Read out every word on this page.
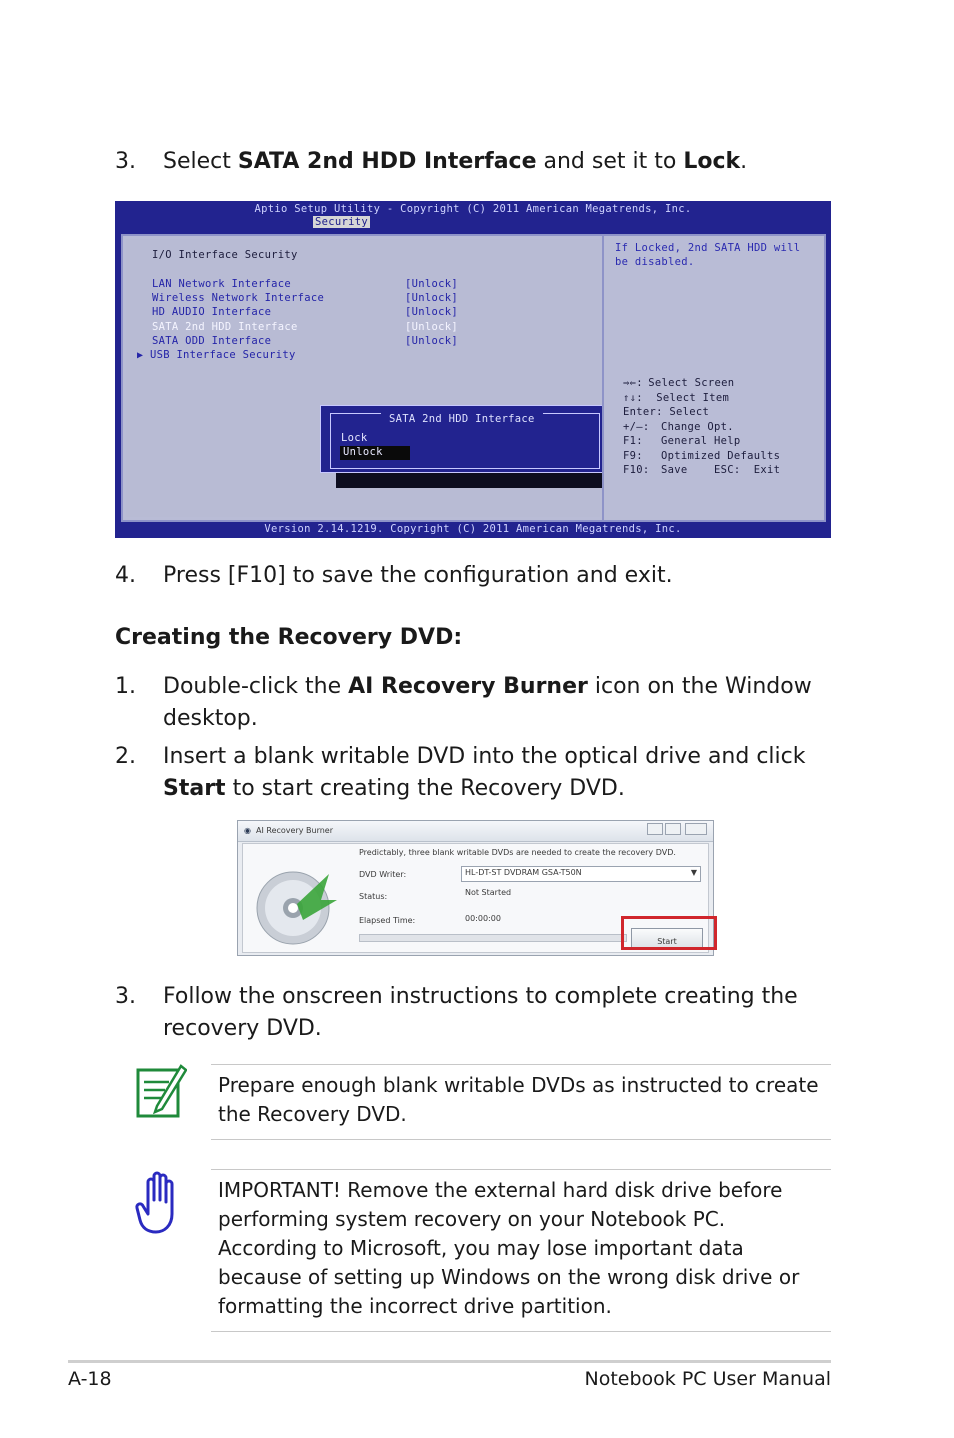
3. Select SATA 2nd HDD Interface and set it to Lock.
Aptio Setup Utility - Copyright (C) 2011 American Megatrends, Inc.
Security
I/O Interface Security
LAN Network Interface	[Unlock]
Wireless Network Interface	[Unlock]
HD AUDIO Interface	[Unlock]
SATA 2nd HDD Interface	[Unlock]
SATA ODD Interface	[Unlock]
▶ USB Interface Security
SATA 2nd HDD Interface
Lock
Unlock
If Locked, 2nd SATA HDD will
be disabled.
⇒⇐: Select Screen
⇑⇓: Select Item
Enter: Select
+/—: Change Opt.
F1: General Help
F9: Optimized Defaults
F10: Save    ESC:  Exit
Version 2.14.1219. Copyright (C) 2011 American Megatrends, Inc.
4. Press [F10] to save the configuration and exit.
Creating the Recovery DVD:
1. Double-click the AI Recovery Burner icon on the Window desktop.
2. Insert a blank writable DVD into the optical drive and click Start to start creating the Recovery DVD.
◉ AI Recovery Burner
Predictably, three blank writable DVDs are needed to create the recovery DVD.
DVD Writer:	HL-DT-ST DVDRAM GSA-T50N	▼
Status:	Not Started
Elapsed Time:	00:00:00
Start
3. Follow the onscreen instructions to complete creating the recovery DVD.
Prepare enough blank writable DVDs as instructed to create the Recovery DVD.
IMPORTANT! Remove the external hard disk drive before performing system recovery on your Notebook PC. According to Microsoft, you may lose important data because of setting up Windows on the wrong disk drive or formatting the incorrect drive partition.
A-18	Notebook PC User Manual
